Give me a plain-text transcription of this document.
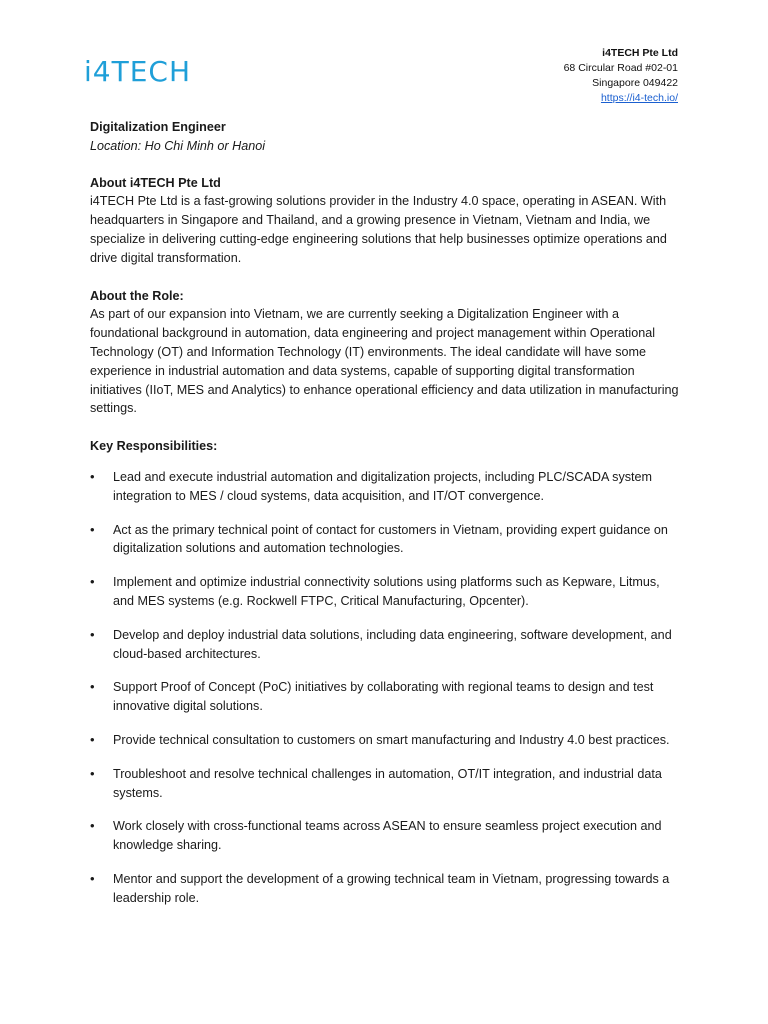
i4TECH
i4TECH Pte Ltd
68 Circular Road #02-01
Singapore 049422
https://i4-tech.io/

Digitalization Engineer

Location: Ho Chi Minh or Hanoi

About i4TECH Pte Ltd

i4TECH Pte Ltd is a fast-growing solutions provider in the Industry 4.0 space, operating in ASEAN. With headquarters in Singapore and Thailand, and a growing presence in Vietnam, Vietnam and India, we specialize in delivering cutting-edge engineering solutions that help businesses optimize operations and drive digital transformation.

About the Role:

As part of our expansion into Vietnam, we are currently seeking a Digitalization Engineer with a foundational background in automation, data engineering and project management within Operational Technology (OT) and Information Technology (IT) environments. The ideal candidate will have some experience in industrial automation and data systems, capable of supporting digital transformation initiatives (IIoT, MES and Analytics) to enhance operational efficiency and data utilization in manufacturing settings.

Key Responsibilities:

• Lead and execute industrial automation and digitalization projects, including PLC/SCADA system integration to MES / cloud systems, data acquisition, and IT/OT convergence.
• Act as the primary technical point of contact for customers in Vietnam, providing expert guidance on digitalization solutions and automation technologies.
• Implement and optimize industrial connectivity solutions using platforms such as Kepware, Litmus, and MES systems (e.g. Rockwell FTPC, Critical Manufacturing, Opcenter).
• Develop and deploy industrial data solutions, including data engineering, software development, and cloud-based architectures.
• Support Proof of Concept (PoC) initiatives by collaborating with regional teams to design and test innovative digital solutions.
• Provide technical consultation to customers on smart manufacturing and Industry 4.0 best practices.
• Troubleshoot and resolve technical challenges in automation, OT/IT integration, and industrial data systems.
• Work closely with cross-functional teams across ASEAN to ensure seamless project execution and knowledge sharing.
• Mentor and support the development of a growing technical team in Vietnam, progressing towards a leadership role.
